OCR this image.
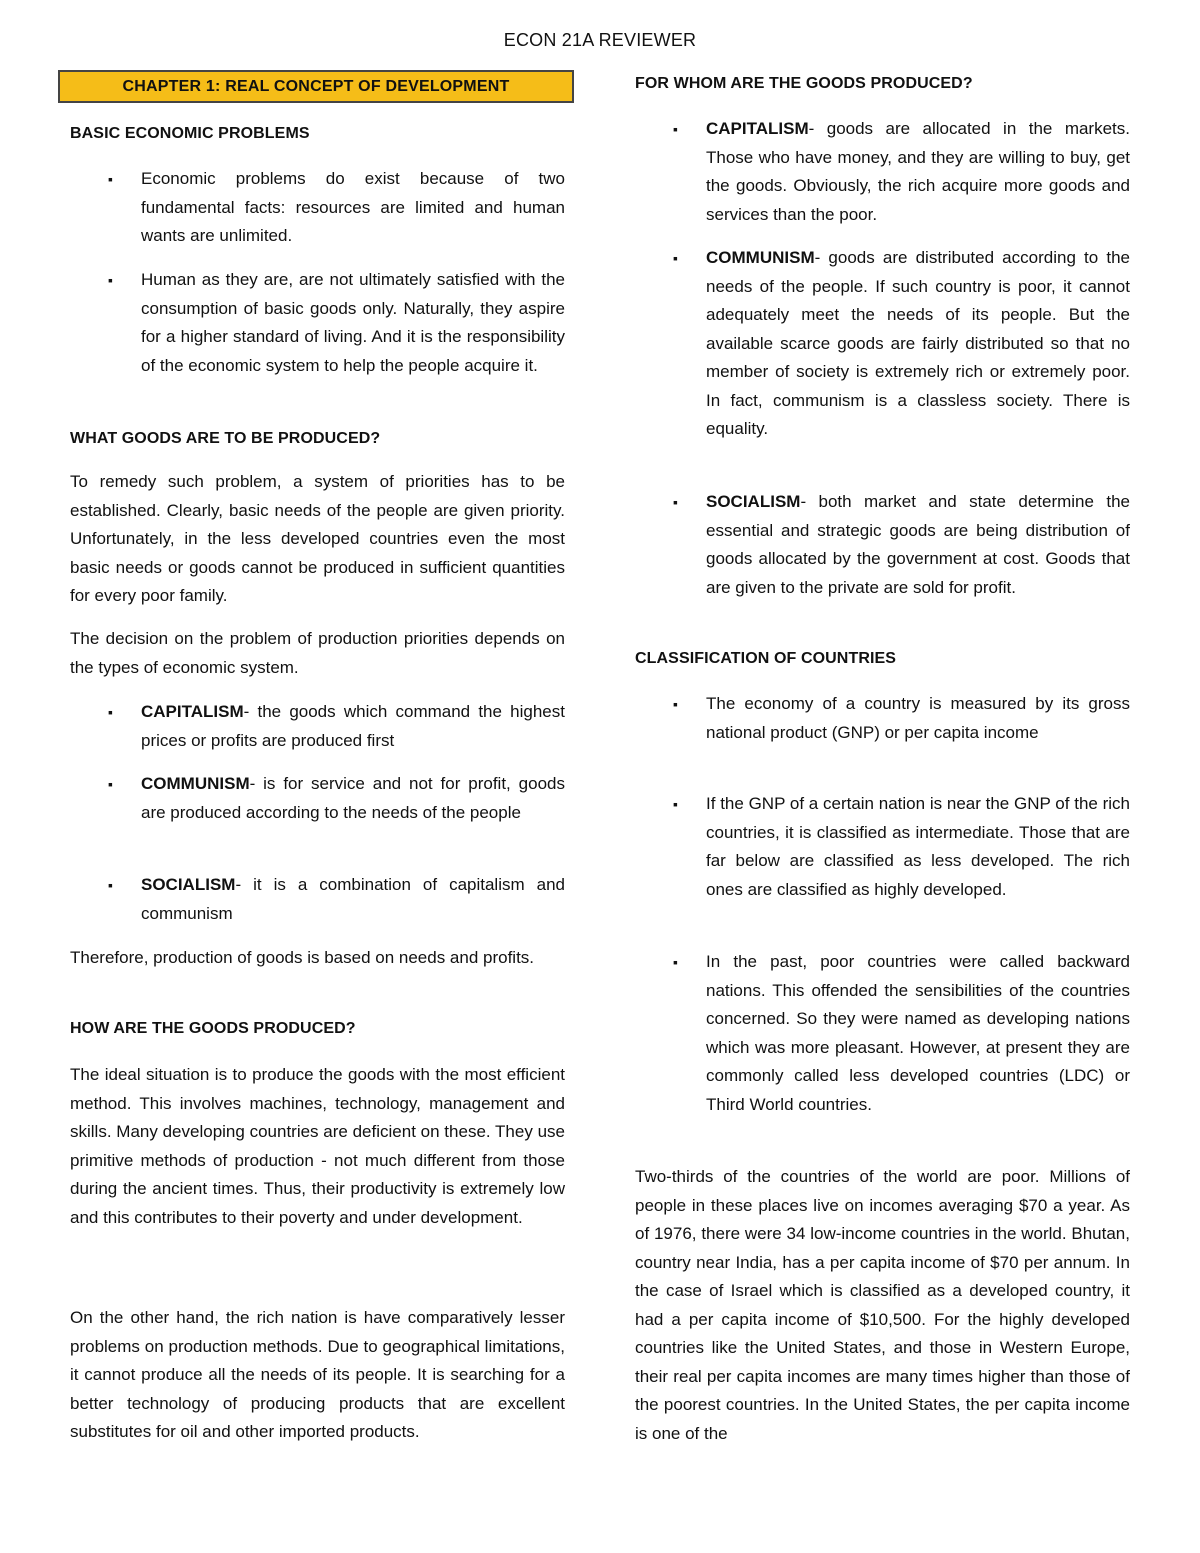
ECON 21A REVIEWER
CHAPTER 1: REAL CONCEPT OF DEVELOPMENT
BASIC ECONOMIC PROBLEMS
▪ Economic problems do exist because of two fundamental facts: resources are limited and human wants are unlimited.
▪ Human as they are, are not ultimately satisfied with the consumption of basic goods only. Naturally, they aspire for a higher standard of living. And it is the responsibility of the economic system to help the people acquire it.
WHAT GOODS ARE TO BE PRODUCED?

To remedy such problem, a system of priorities has to be established. Clearly, basic needs of the people are given priority. Unfortunately, in the less developed countries even the most basic needs or goods cannot be produced in sufficient quantities for every poor family.

The decision on the problem of production priorities depends on the types of economic system.

▪ CAPITALISM- the goods which command the highest prices or profits are produced first
▪ COMMUNISM- is for service and not for profit, goods are produced according to the needs of the people
▪ SOCIALISM- it is a combination of capitalism and communism

Therefore, production of goods is based on needs and profits.

HOW ARE THE GOODS PRODUCED?

The ideal situation is to produce the goods with the most efficient method. This involves machines, technology, management and skills. Many developing countries are deficient on these. They use primitive methods of production - not much different from those during the ancient times. Thus, their productivity is extremely low and this contributes to their poverty and under development.

On the other hand, the rich nation is have comparatively lesser problems on production methods. Due to geographical limitations, it cannot produce all the needs of its people. It is searching for a better technology of producing products that are excellent substitutes for oil and other imported products.

FOR WHOM ARE THE GOODS PRODUCED?
▪ CAPITALISM- goods are allocated in the markets. Those who have money, and they are willing to buy, get the goods. Obviously, the rich acquire more goods and services than the poor.
▪ COMMUNISM- goods are distributed according to the needs of the people. If such country is poor, it cannot adequately meet the needs of its people. But the available scarce goods are fairly distributed so that no member of society is extremely rich or extremely poor. In fact, communism is a classless society. There is equality.
▪ SOCIALISM- both market and state determine the essential and strategic goods are being distribution of goods allocated by the government at cost. Goods that are given to the private are sold for profit.
CLASSIFICATION OF COUNTRIES
▪ The economy of a country is measured by its gross national product (GNP) or per capita income
▪ If the GNP of a certain nation is near the GNP of the rich countries, it is classified as intermediate. Those that are far below are classified as less developed. The rich ones are classified as highly developed.
▪ In the past, poor countries were called backward nations. This offended the sensibilities of the countries concerned. So they were named as developing nations which was more pleasant. However, at present they are commonly called less developed countries (LDC) or Third World countries.

Two-thirds of the countries of the world are poor. Millions of people in these places live on incomes averaging $70 a year. As of 1976, there were 34 low-income countries in the world. Bhutan, country near India, has a per capita income of $70 per annum. In the case of Israel which is classified as a developed country, it had a per capita income of $10,500. For the highly developed countries like the United States, and those in Western Europe, their real per capita incomes are many times higher than those of the poorest countries. In the United States, the per capita income is one of the
